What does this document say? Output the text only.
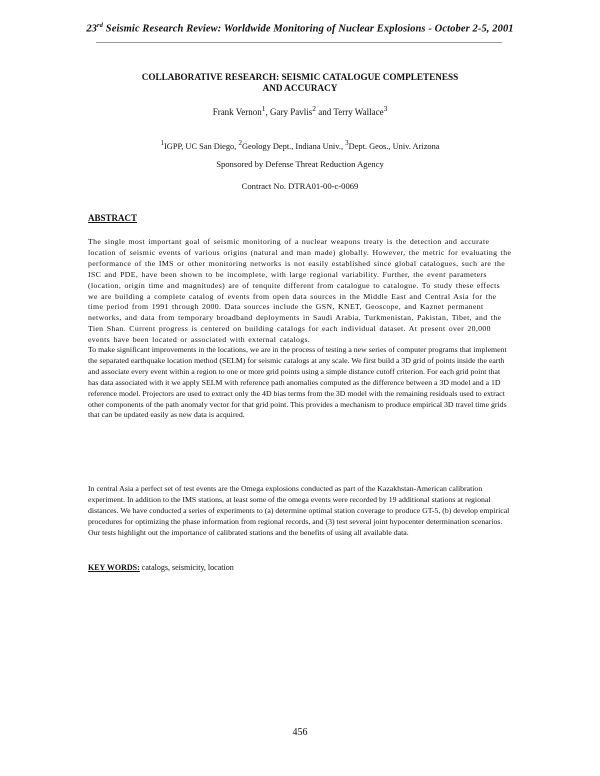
23rd Seismic Research Review: Worldwide Monitoring of Nuclear Explosions - October 2-5, 2001
COLLABORATIVE RESEARCH: SEISMIC CATALOGUE COMPLETENESS
AND ACCURACY
Frank Vernon$^1$, Gary Pavlis$^2$ and Terry Wallace$^3$
$^1$IGPP, UC San Diego, $^2$Geology Dept., Indiana Univ., $^3$Dept. Geos., Univ. Arizona
Sponsored by Defense Threat Reduction Agency
Contract No. DTRA01-00-c-0069
ABSTRACT
The single most important goal of seismic monitoring of a nuclear weapons treaty is the detection and accurate location of seismic events of various origins (natural and man made) globally. However, the metric for evaluating the performance of the IMS or other monitoring networks is not easily established since global catalogues, such are the ISC and PDE, have been shown to be incomplete, with large regional variability. Further, the event parameters (location, origin time and magnitudes) are of tenquite different from catalogue to catalogue. To study these effects we are building a complete catalog of events from open data sources in the Middle East and Central Asia for the time period from 1991 through 2000. Data sources include the GSN, KNET, Geoscope, and Kaznet permanent networks, and data from temporary broadband deployments in Saudi Arabia, Turkmenistan, Pakistan, Tibet, and the Tien Shan. Current progress is centered on building catalogs for each individual dataset. At present over 20,000 events have been located or associated with external catalogs.
To make significant improvements in the locations, we are in the process of testing a new series of computer programs that implement the separated earthquake location method (SELM) for seismic catalogs at any scale. We first build a 3D grid of points inside the earth and associate every event within a region to one or more grid points using a simple distance cutoff criterion. For each grid point that has data associated with it we apply SELM with reference path anomalies computed as the difference between a 3D model and a 1D reference model. Projectors are used to extract only the 4D bias terms from the 3D model with the remaining residuals used to extract other components of the path anomaly vector for that grid point. This provides a mechanism to produce empirical 3D travel time grids that can be updated easily as new data is acquired.
In central Asia a perfect set of test events are the Omega explosions conducted as part of the Kazakhstan-American calibration experiment. In addition to the IMS stations, at least some of the omega events were recorded by 19 additional stations at regional distances. We have conducted a series of experiments to (a) determine optimal station coverage to produce GT-5, (b) develop empirical procedures for optimizing the phase information from regional records, and (3) test several joint hypocenter determination scenarios. Our tests highlight out the importance of calibrated stations and the benefits of using all available data.
KEY WORDS: catalogs, seismicity, location
456
